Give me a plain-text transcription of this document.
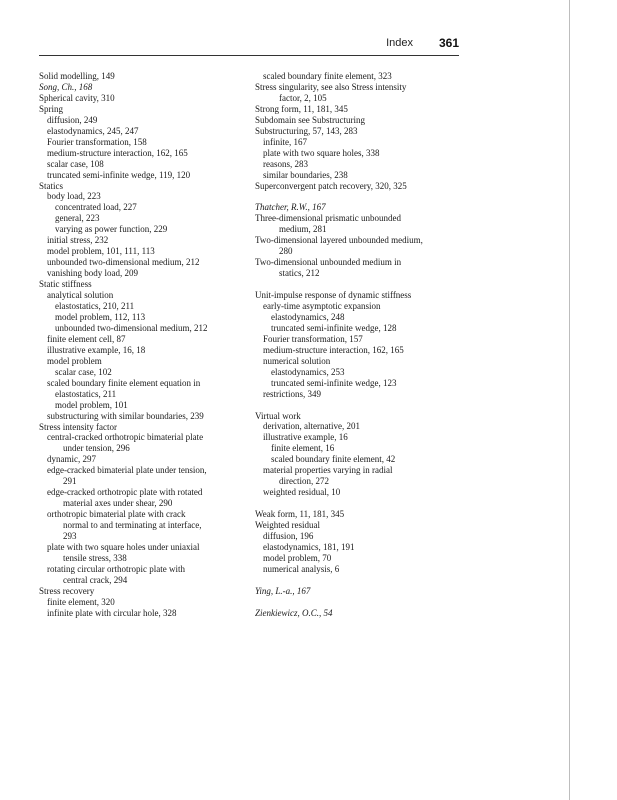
Index 361
Solid modelling, 149
Song, Ch., 168
Spherical cavity, 310
Spring
diffusion, 249
elastodynamics, 245, 247
Fourier transformation, 158
medium-structure interaction, 162, 165
scalar case, 108
truncated semi-infinite wedge, 119, 120
Statics
body load, 223
concentrated load, 227
general, 223
varying as power function, 229
initial stress, 232
model problem, 101, 111, 113
unbounded two-dimensional medium, 212
vanishing body load, 209
Static stiffness
analytical solution
elastostatics, 210, 211
model problem, 112, 113
unbounded two-dimensional medium, 212
finite element cell, 87
illustrative example, 16, 18
model problem
scalar case, 102
scaled boundary finite element equation in
elastostatics, 211
model problem, 101
substructuring with similar boundaries, 239
Stress intensity factor
central-cracked orthotropic bimaterial plate
under tension, 296
dynamic, 297
edge-cracked bimaterial plate under tension,
291
edge-cracked orthotropic plate with rotated
material axes under shear, 290
orthotropic bimaterial plate with crack
normal to and terminating at interface,
293
plate with two square holes under uniaxial
tensile stress, 338
rotating circular orthotropic plate with
central crack, 294
Stress recovery
finite element, 320
infinite plate with circular hole, 328
scaled boundary finite element, 323
Stress singularity, see also Stress intensity
factor, 2, 105
Strong form, 11, 181, 345
Subdomain see Substructuring
Substructuring, 57, 143, 283
infinite, 167
plate with two square holes, 338
reasons, 283
similar boundaries, 238
Superconvergent patch recovery, 320, 325
Thatcher, R.W., 167
Three-dimensional prismatic unbounded
medium, 281
Two-dimensional layered unbounded medium,
280
Two-dimensional unbounded medium in
statics, 212
Unit-impulse response of dynamic stiffness
early-time asymptotic expansion
elastodynamics, 248
truncated semi-infinite wedge, 128
Fourier transformation, 157
medium-structure interaction, 162, 165
numerical solution
elastodynamics, 253
truncated semi-infinite wedge, 123
restrictions, 349
Virtual work
derivation, alternative, 201
illustrative example, 16
finite element, 16
scaled boundary finite element, 42
material properties varying in radial
direction, 272
weighted residual, 10
Weak form, 11, 181, 345
Weighted residual
diffusion, 196
elastodynamics, 181, 191
model problem, 70
numerical analysis, 6
Ying, L.-a., 167
Zienkiewicz, O.C., 54
